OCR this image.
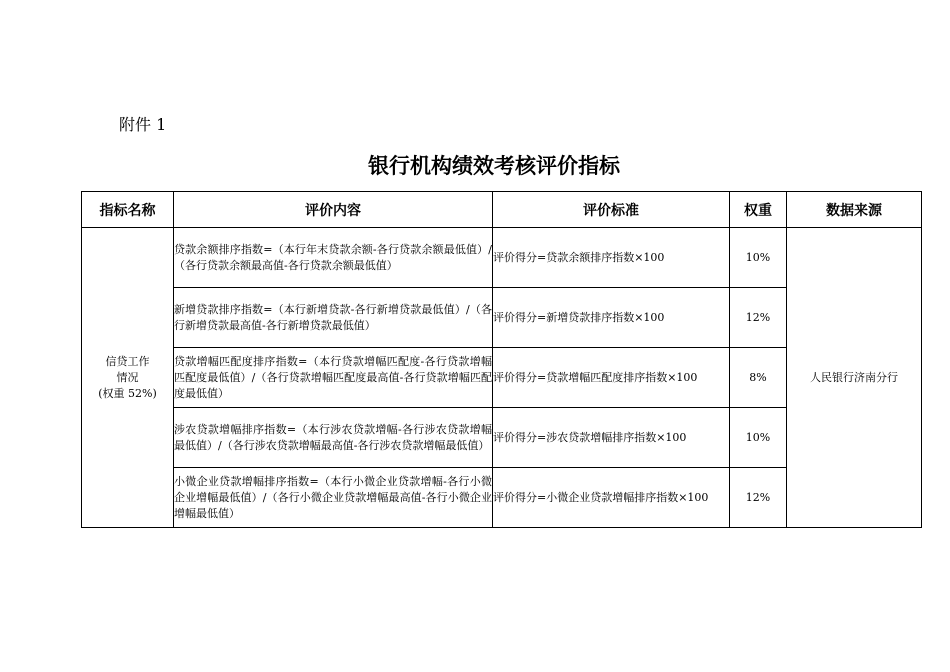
附件 1
银行机构绩效考核评价指标
指标名称	评价内容	评价标准	权重	数据来源

信贷工作
情况
(权重 52%)	贷款余额排序指数=（本行年末贷款余额-各行贷款余额最低值）/（各行贷款余额最高值-各行贷款余额最低值）	评价得分=贷款余额排序指数×100	10%	人民银行济南分行
	新增贷款排序指数=（本行新增贷款-各行新增贷款最低值）/（各行新增贷款最高值-各行新增贷款最低值）	评价得分=新增贷款排序指数×100	12%	
	贷款增幅匹配度排序指数=（本行贷款增幅匹配度-各行贷款增幅匹配度最低值）/（各行贷款增幅匹配度最高值-各行贷款增幅匹配度最低值）	评价得分=贷款增幅匹配度排序指数×100	8%	
	涉农贷款增幅排序指数=（本行涉农贷款增幅-各行涉农贷款增幅最低值）/（各行涉农贷款增幅最高值-各行涉农贷款增幅最低值）	评价得分=涉农贷款增幅排序指数×100	10%	
	小微企业贷款增幅排序指数=（本行小微企业贷款增幅-各行小微企业增幅最低值）/（各行小微企业贷款增幅最高值-各行小微企业增幅最低值）	评价得分=小微企业贷款增幅排序指数×100	12%	
